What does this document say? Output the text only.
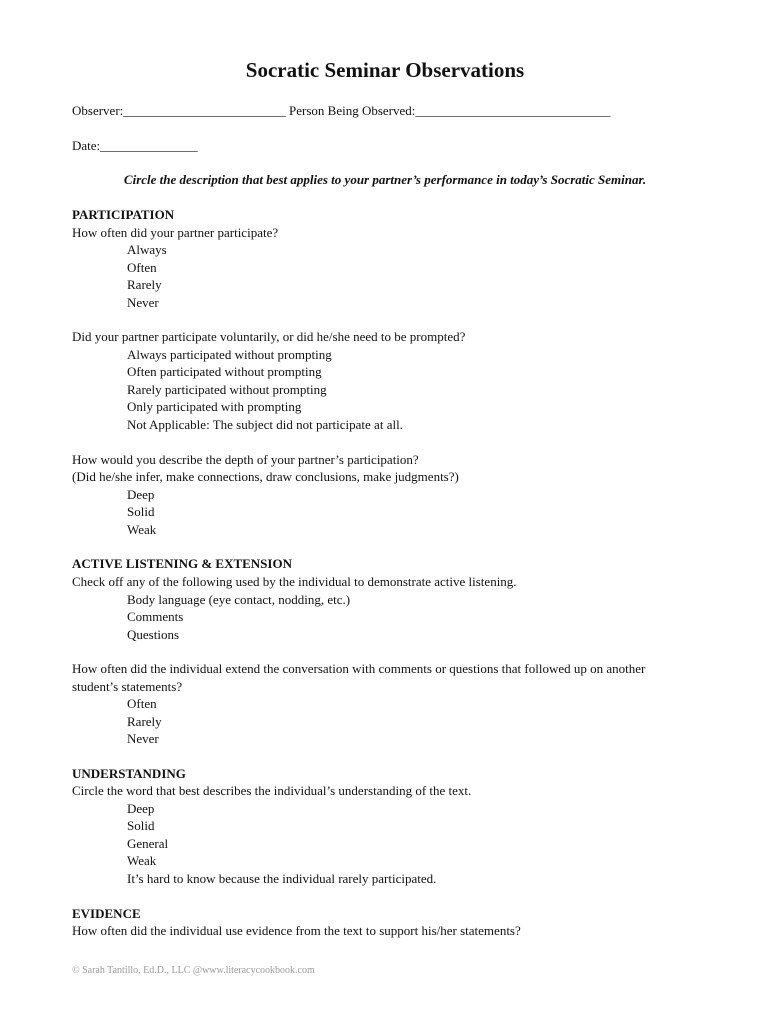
Socratic Seminar Observations
Observer:_________________________ Person Being Observed:______________________________
Date:_______________
Circle the description that best applies to your partner’s performance in today’s Socratic Seminar.
PARTICIPATION
How often did your partner participate?
Always
Often
Rarely
Never
Did your partner participate voluntarily, or did he/she need to be prompted?
Always participated without prompting
Often participated without prompting
Rarely participated without prompting
Only participated with prompting
Not Applicable: The subject did not participate at all.
How would you describe the depth of your partner’s participation?
(Did he/she infer, make connections, draw conclusions, make judgments?)
Deep
Solid
Weak
ACTIVE LISTENING & EXTENSION
Check off any of the following used by the individual to demonstrate active listening.
Body language (eye contact, nodding, etc.)
Comments
Questions
How often did the individual extend the conversation with comments or questions that followed up on another
student’s statements?
Often
Rarely
Never
UNDERSTANDING
Circle the word that best describes the individual’s understanding of the text.
Deep
Solid
General
Weak
It’s hard to know because the individual rarely participated.
EVIDENCE
How often did the individual use evidence from the text to support his/her statements?
© Sarah Tantillo, Ed.D., LLC @www.literacycookbook.com
